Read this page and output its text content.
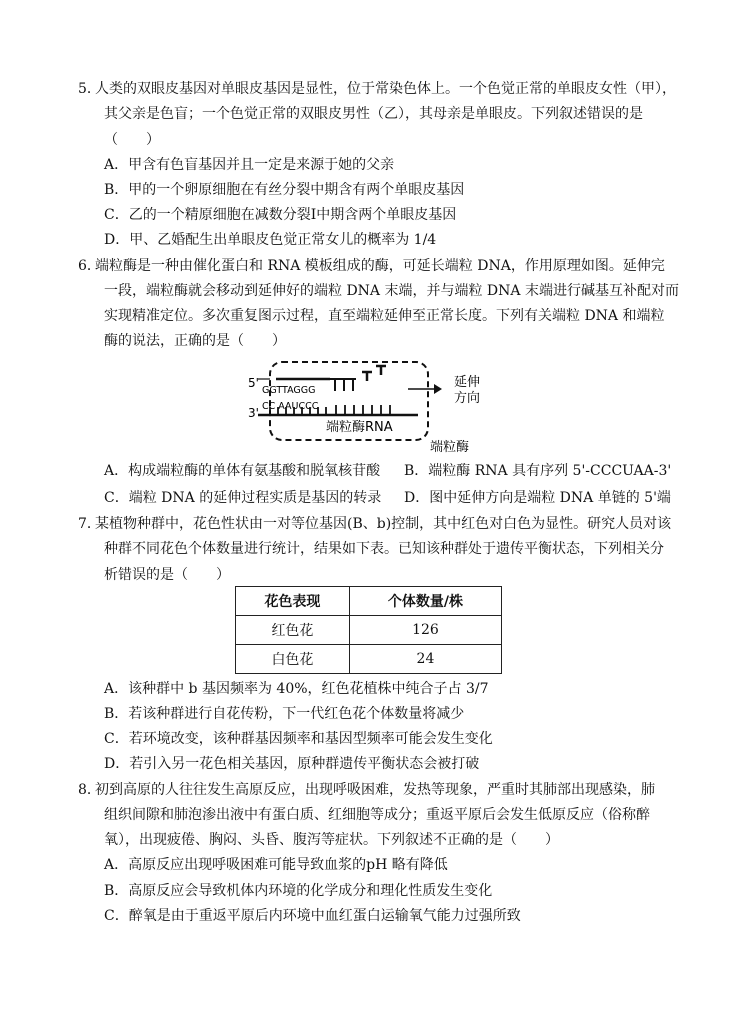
5．
人类的双眼皮基因对单眼皮基因是显性，位于常染色体上。一个色觉正常的单眼皮女性（甲），
其父亲是色盲；一个色觉正常的双眼皮男性（乙），其母亲是单眼皮。下列叙述错误的是
（　　）
A．甲含有色盲基因并且一定是来源于她的父亲
B．甲的一个卵原细胞在有丝分裂中期含有两个单眼皮基因
C．乙的一个精原细胞在减数分裂Ⅰ中期含两个单眼皮基因
D．甲、乙婚配生出单眼皮色觉正常女儿的概率为 1/4
6．
端粒酶是一种由催化蛋白和 RNA 模板组成的酶，可延长端粒 DNA，作用原理如图。延伸完
一段，端粒酶就会移动到延伸好的端粒 DNA 末端，并与端粒 DNA 末端进行碱基互补配对而
实现精准定位。多次重复图示过程，直至端粒延伸至正常长度。下列有关端粒 DNA 和端粒
酶的说法，正确的是（　　）
5'
3'
GGTTAGGG
延伸
方向
CC AAUCCC
端粒酶RNA
端粒酶
A．构成端粒酶的单体有氨基酸和脱氧核苷酸 B．端粒酶 RNA 具有序列 5'-CCCUAA-3'
C．端粒 DNA 的延伸过程实质是基因的转录 D．图中延伸方向是端粒 DNA 单链的 5'端
7．
某植物种群中，花色性状由一对等位基因(B、b)控制，其中红色对白色为显性。研究人员对该
种群不同花色个体数量进行统计，结果如下表。已知该种群处于遗传平衡状态，下列相关分
析错误的是（　　）
花色表现	个体数量/株
红色花	126
白色花	24
A．该种群中 b 基因频率为 40%，红色花植株中纯合子占 3/7
B．若该种群进行自花传粉，下一代红色花个体数量将减少
C．若环境改变，该种群基因频率和基因型频率可能会发生变化
D．若引入另一花色相关基因，原种群遗传平衡状态会被打破
8．
初到高原的人往往发生高原反应，出现呼吸困难，发热等现象，严重时其肺部出现感染，肺
组织间隙和肺泡渗出液中有蛋白质、红细胞等成分；重返平原后会发生低原反应（俗称醉
氧），出现疲倦、胸闷、头昏、腹泻等症状。下列叙述不正确的是（　　）
A．高原反应出现呼吸困难可能导致血浆的pH 略有降低
B．高原反应会导致机体内环境的化学成分和理化性质发生变化
C．醉氧是由于重返平原后内环境中血红蛋白运输氧气能力过强所致
